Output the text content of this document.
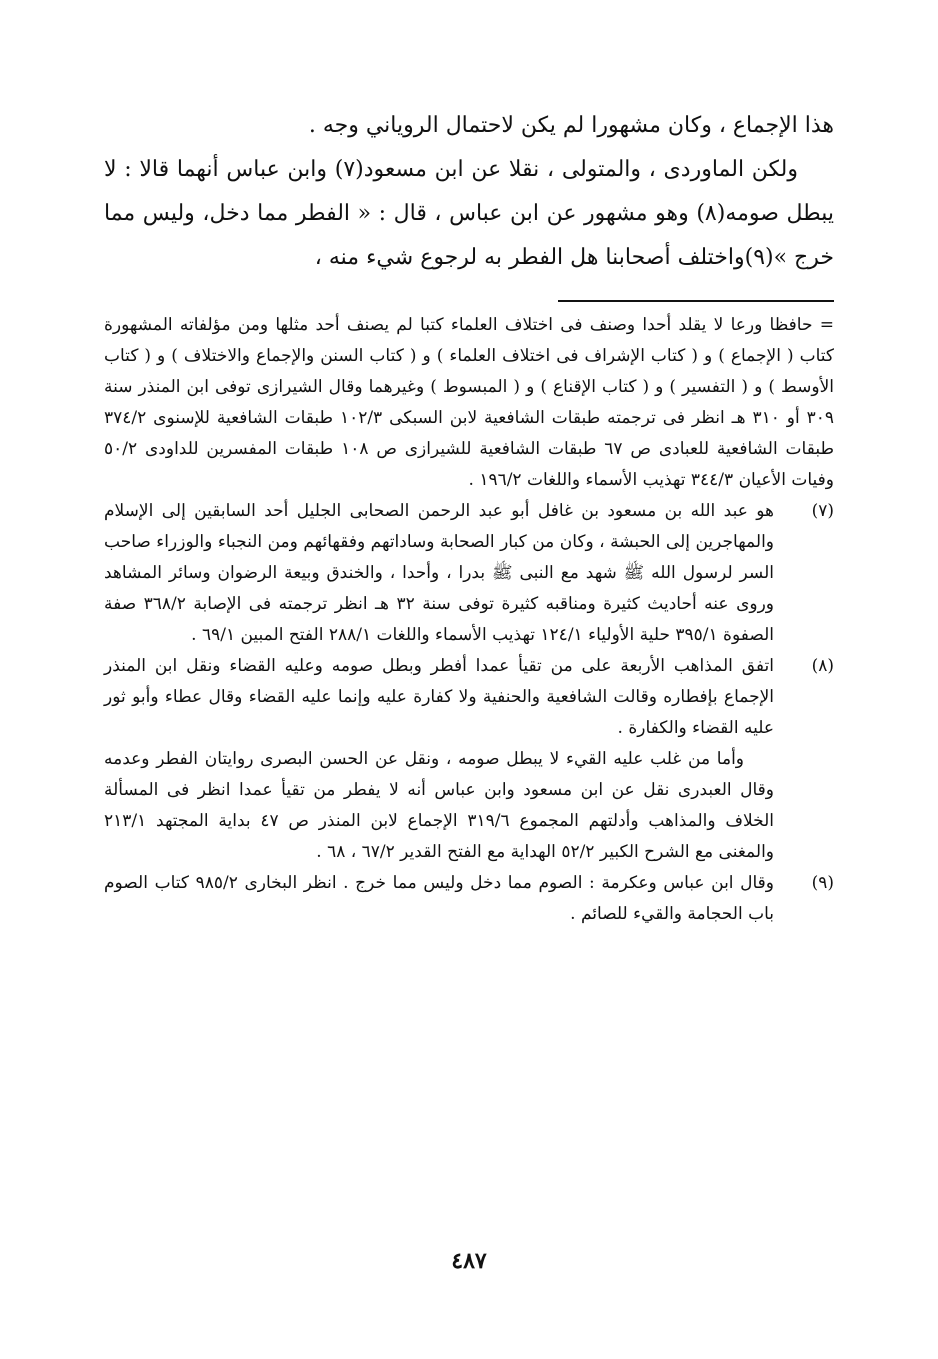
هذا الإجماع ، وكان مشهورا لم يكن لاحتمال الروياني وجه .

ولكن الماوردى ، والمتولى ، نقلا عن ابن مسعود(٧) وابن عباس أنهما قالا : لا يبطل صومه(٨) وهو مشهور عن ابن عباس ، قال : « الفطر مما دخل، وليس مما خرج »(٩)واختلف أصحابنا هل الفطر به لرجوع شيء منه ،

= حافظا ورعا لا يقلد أحدا وصنف فى اختلاف العلماء كتبا لم يصنف أحد مثلها ومن مؤلفاته المشهورة كتاب ( الإجماع ) و ( كتاب الإشراف فى اختلاف العلماء ) و ( كتاب السنن والإجماع والاختلاف ) و ( كتاب الأوسط ) و ( التفسير ) و ( كتاب الإقناع ) و ( المبسوط ) وغيرهما وقال الشيرازى توفى ابن المنذر سنة ٣٠٩ أو ٣١٠ هـ انظر فى ترجمته طبقات الشافعية لابن السبكى ١٠٢/٣ طبقات الشافعية للإسنوى ٣٧٤/٢ طبقات الشافعية للعبادى ص ٦٧ طبقات الشافعية للشيرازى ص ١٠٨ طبقات المفسرين للداودى ٥٠/٢ وفيات الأعيان ٣٤٤/٣ تهذيب الأسماء واللغات ١٩٦/٢ .

(٧)

هو عبد الله بن مسعود بن غافل أبو عبد الرحمن الصحابى الجليل أحد السابقين إلى الإسلام والمهاجرين إلى الحبشة ، وكان من كبار الصحابة وساداتهم وفقهائهم ومن النجباء والوزراء صاحب السر لرسول الله ﷺ شهد مع النبى ﷺ بدرا ، وأحدا ، والخندق وبيعة الرضوان وسائر المشاهد وروى عنه أحاديث كثيرة ومناقبه كثيرة توفى سنة ٣٢ هـ انظر ترجمته فى الإصابة ٣٦٨/٢ صفة الصفوة ٣٩٥/١ حلية الأولياء ١٢٤/١ تهذيب الأسماء واللغات ٢٨٨/١ الفتح المبين ٦٩/١ .

(٨)

اتفق المذاهب الأربعة على من تقيأ عمدا أفطر وبطل صومه وعليه القضاء ونقل ابن المنذر الإجماع بإفطاره وقالت الشافعية والحنفية ولا كفارة عليه وإنما عليه القضاء وقال عطاء وأبو ثور عليه القضاء والكفارة .

وأما من غلب عليه القيء لا يبطل صومه ، ونقل عن الحسن البصرى روايتان الفطر وعدمه وقال العبدرى نقل عن ابن مسعود وابن عباس أنه لا يفطر من تقيأ عمدا انظر فى المسألة الخلاف والمذاهب وأدلتهم المجموع ٣١٩/٦ الإجماع لابن المنذر ص ٤٧ بداية المجتهد ٢١٣/١ والمغنى مع الشرح الكبير ٥٢/٢ الهداية مع الفتح القدير ٦٧/٢ ، ٦٨ .

(٩)

وقال ابن عباس وعكرمة : الصوم مما دخل وليس مما خرج . انظر البخارى ٩٨٥/٢ كتاب الصوم باب الحجامة والقيء للصائم .

٤٨٧
